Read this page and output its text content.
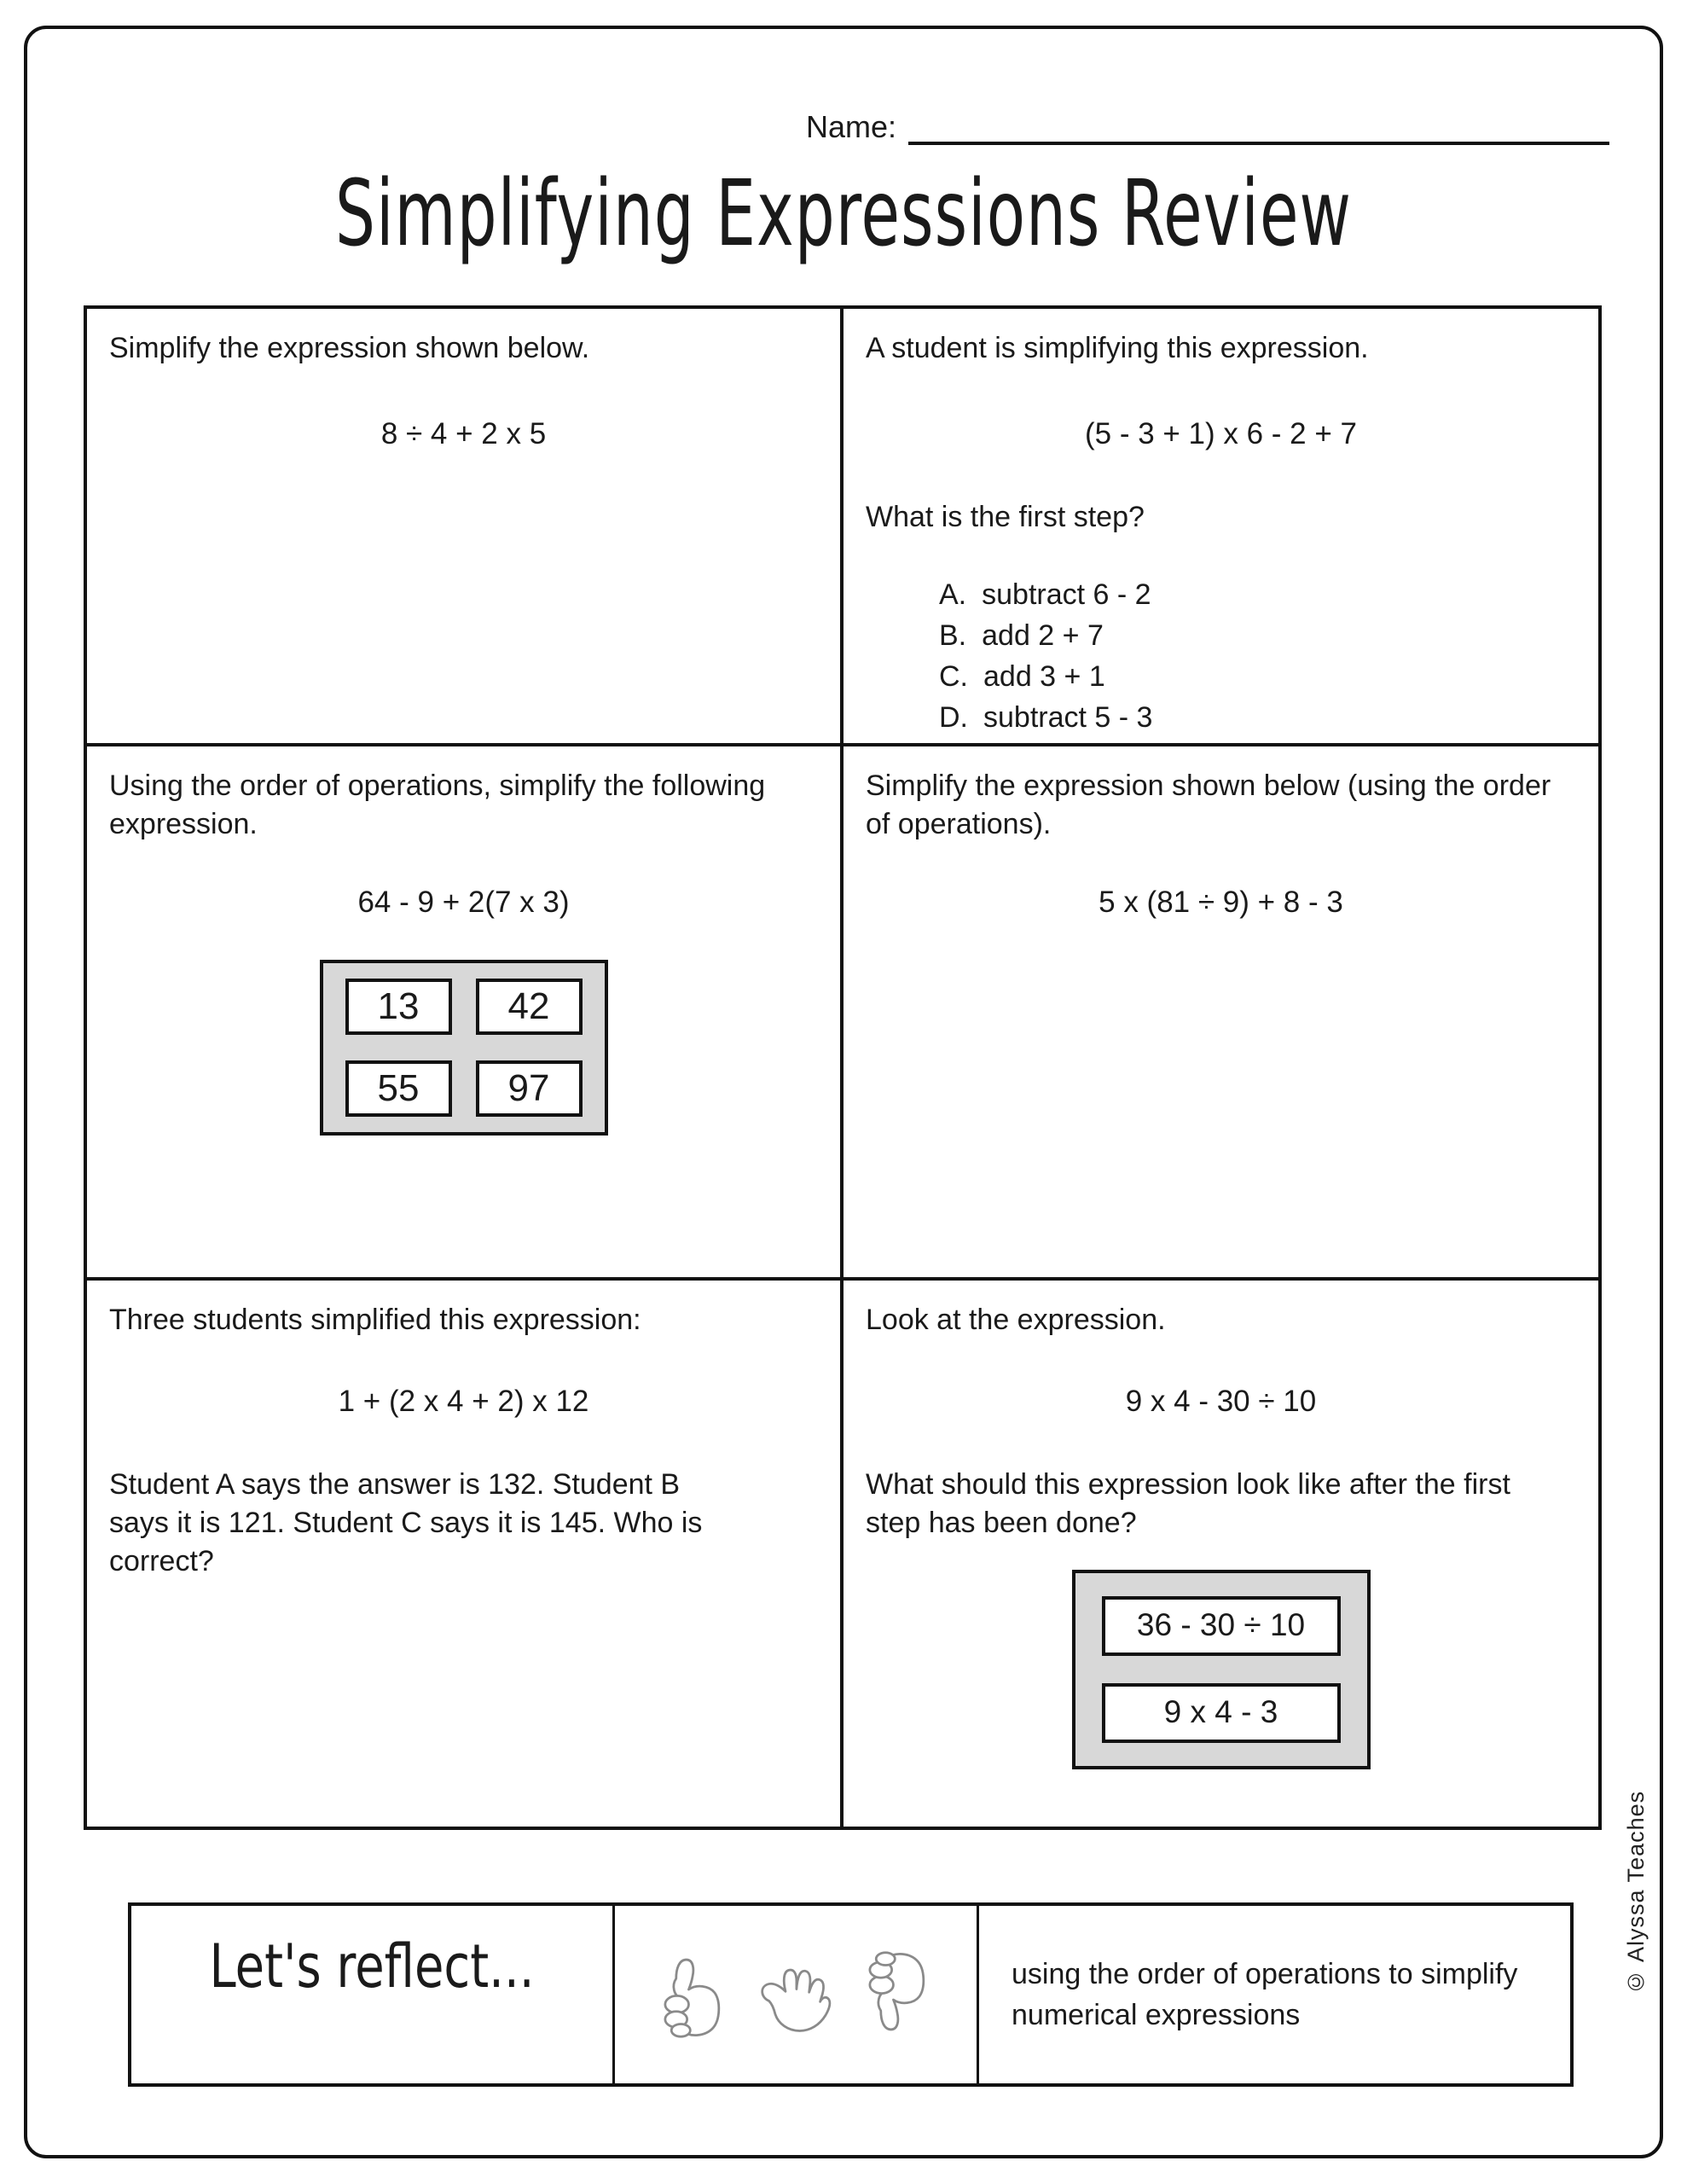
Name:
Simplifying Expressions Review
Simplify the expression shown below.
8 ÷ 4 + 2 x 5
A student is simplifying this expression.
(5 - 3 + 1) x 6 - 2 + 7
What is the first step?
A. subtract 6 - 2
B. add 2 + 7
C. add 3 + 1
D. subtract 5 - 3
Using the order of operations, simplify the following expression.
64 - 9 + 2(7 x 3)
13	42
55	97
Simplify the expression shown below (using the order of operations).
5 x (81 ÷ 9) + 8 - 3
Three students simplified this expression:
1 + (2 x 4 + 2) x 12
Student A says the answer is 132. Student B says it is 121. Student C says it is 145. Who is correct?
Look at the expression.
9 x 4 - 30 ÷ 10
What should this expression look like after the first step has been done?
36 - 30 ÷ 10
9 x 4 - 3
Let's reflect...	using the order of operations to simplify numerical expressions
© Alyssa Teaches
